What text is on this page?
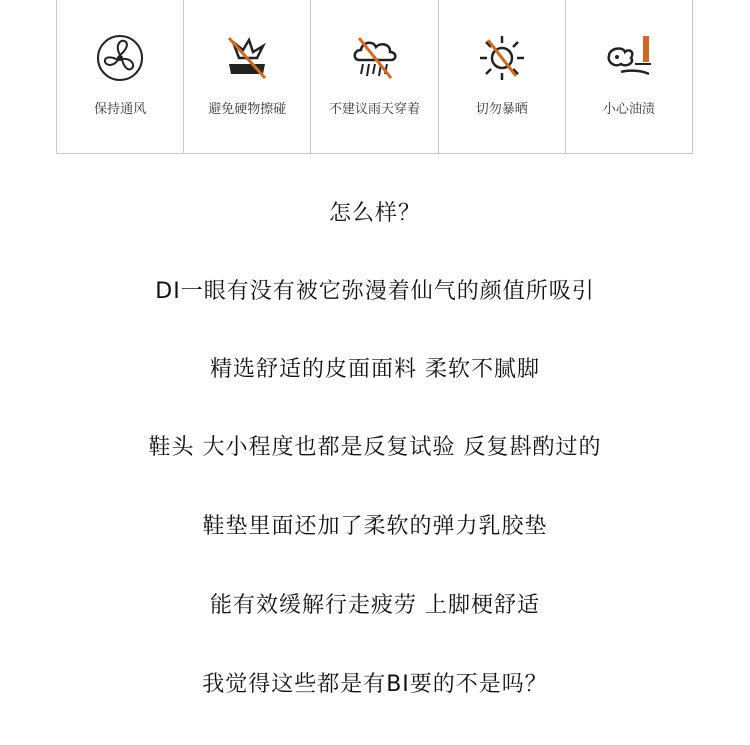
保持通风	避免硬物擦碰	不建议雨天穿着	切勿暴晒	小心油渍
怎么样？
DI一眼有没有被它弥漫着仙气的颜值所吸引
精选舒适的皮面面料 柔软不腻脚
鞋头 大小程度也都是反复试验 反复斟酌过的
鞋垫里面还加了柔软的弹力乳胶垫
能有效缓解行走疲劳 上脚梗舒适
我觉得这些都是有BI要的不是吗？
